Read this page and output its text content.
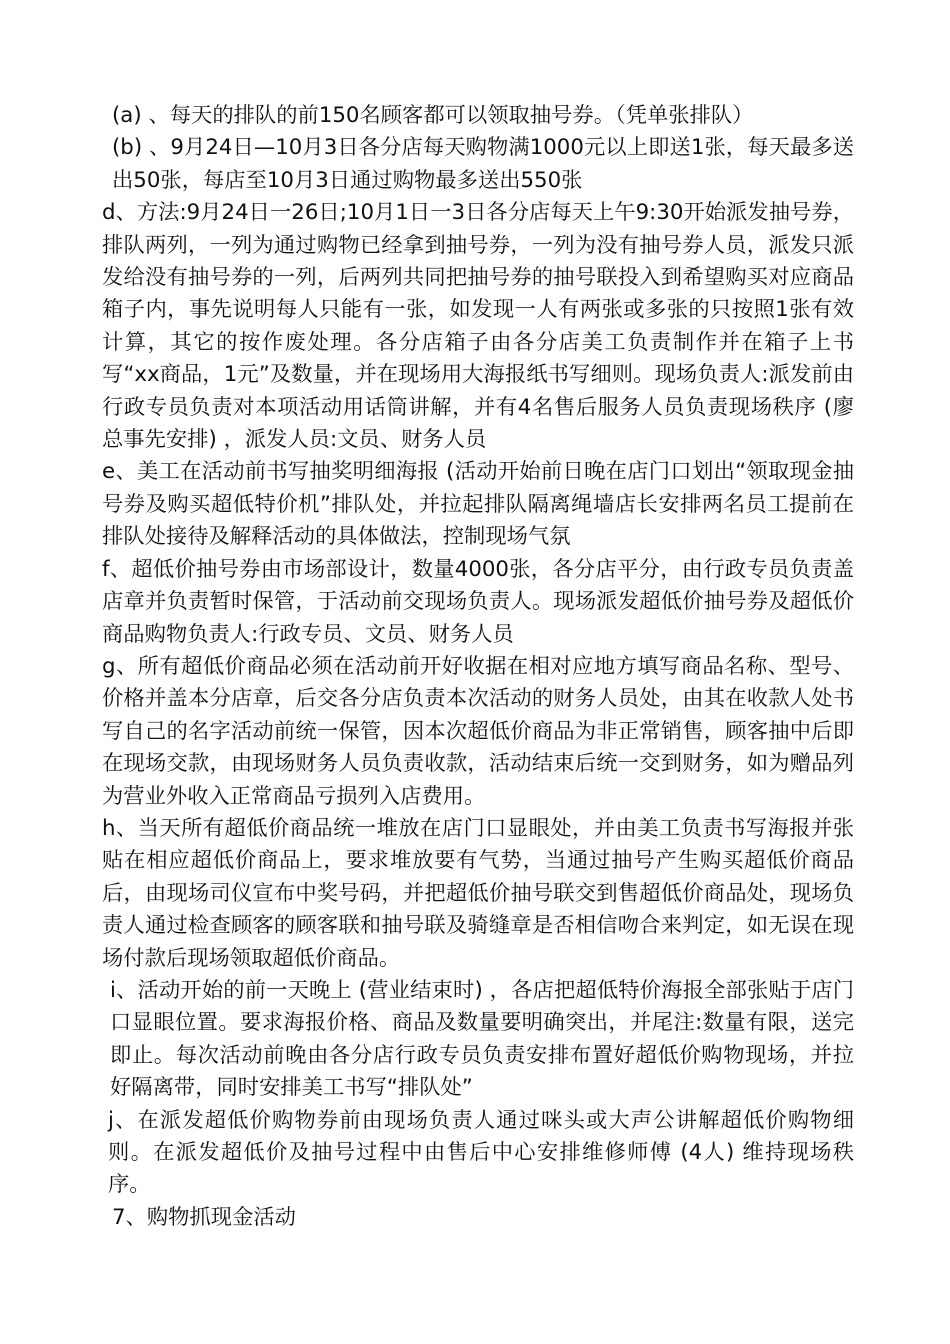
(a) 、每天的排队的前150名顾客都可以领取抽号券。（凭单张排队）

(b) 、9月24日—10月3日各分店每天购物满1000元以上即送1张，每天最多送出50张，每店至10月3日通过购物最多送出550张

d、方法:9月24日一26日;10月1日一3日各分店每天上午9:30开始派发抽号券，排队两列，一列为通过购物已经拿到抽号券，一列为没有抽号券人员，派发只派发给没有抽号券的一列，后两列共同把抽号券的抽号联投入到希望购买对应商品箱子内，事先说明每人只能有一张，如发现一人有两张或多张的只按照1张有效计算，其它的按作废处理。各分店箱子由各分店美工负责制作并在箱子上书写“xx商品，1元”及数量，并在现场用大海报纸书写细则。现场负责人:派发前由行政专员负责对本项活动用话筒讲解，并有4名售后服务人员负责现场秩序 (廖总事先安排) ，派发人员:文员、财务人员

e、美工在活动前书写抽奖明细海报 (活动开始前日晚在店门口划出“领取现金抽号券及购买超低特价机”排队处，并拉起排队隔离绳墙店长安排两名员工提前在排队处接待及解释活动的具体做法，控制现场气氛

f、超低价抽号券由市场部设计，数量4000张，各分店平分，由行政专员负责盖店章并负责暂时保管，于活动前交现场负责人。现场派发超低价抽号券及超低价商品购物负责人:行政专员、文员、财务人员

g、所有超低价商品必须在活动前开好收据在相对应地方填写商品名称、型号、价格并盖本分店章，后交各分店负责本次活动的财务人员处，由其在收款人处书写自己的名字活动前统一保管，因本次超低价商品为非正常销售，顾客抽中后即在现场交款，由现场财务人员负责收款，活动结束后统一交到财务，如为赠品列为营业外收入正常商品亏损列入店费用。

h、当天所有超低价商品统一堆放在店门口显眼处，并由美工负责书写海报并张贴在相应超低价商品上，要求堆放要有气势，当通过抽号产生购买超低价商品后，由现场司仪宣布中奖号码，并把超低价抽号联交到售超低价商品处，现场负责人通过检查顾客的顾客联和抽号联及骑缝章是否相信吻合来判定，如无误在现场付款后现场领取超低价商品。

i、活动开始的前一天晚上 (营业结束时) ，各店把超低特价海报全部张贴于店门口显眼位置。要求海报价格、商品及数量要明确突出，并尾注:数量有限，送完即止。每次活动前晚由各分店行政专员负责安排布置好超低价购物现场，并拉好隔离带，同时安排美工书写“排队处”

j、在派发超低价购物券前由现场负责人通过咪头或大声公讲解超低价购物细则。在派发超低价及抽号过程中由售后中心安排维修师傅 (4人) 维持现场秩序。

7、购物抓现金活动
